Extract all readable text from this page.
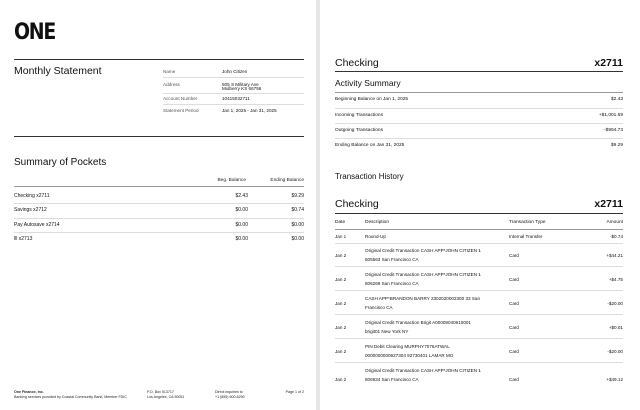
ONE
Monthly Statement	Name	John Citizen
Address	505 S Military Ave
Mulberry KS 66756
Account Number	10415032711
Statement Period	Jan 1, 2025 - Jan 31, 2025
Summary of Pockets
Beg. Balance	Ending Balance
Checking x2711	$2.43	$9.29
Savings x2712	$0.00	$0.74
Pay Autosave x2714	$0.00	$0.00
lll x2713	$0.00	$0.00
One Finance, Inc.
Banking services provided by Coastal Community Bank, Member FDIC
P.O. Box 513717
Los Angeles, CA 90051
Direct inquiries to
+1 (855) 600-6290
Page 1 of 2
Checking	x2711
Activity Summary
Beginning Balance on Jan 1, 2025	$2.43
Incoming Transactions	+$1,001.59
Outgoing Transactions	-$994.73
Ending Balance on Jan 31, 2025	$9.29
Transaction History
Checking	x2711
Date	Description	Transaction Type	Amount
Jan 1	Round-Up	Internal Transfer	-$0.74
Jan 2
Original Credit Transaction CASH APP*JOHN CITIZEN 1
605563 San Francisco CA
Card	+$44.21
Jan 2
Original Credit Transaction CASH APP*JOHN CITIZEN 1
806269 San Francisco CA
Card	+$4.75
Jan 2
CASH APP*BRANDON BARRY 2302020002300 33 San
Francisco CA
Card	-$20.00
Jan 2
Original Credit Transaction Brigit A00009040610001
brigit01 New York NY
Card	+$0.01
Jan 2
PIN Debit Clearing MURPHY7076ATWAL
0000000000927304 92730401 LAMAR MO
Card	-$20.00
Jan 2
Original Credit Transaction CASH APP*JOHN CITIZEN 1
806934 San Francisco CA	Card	+$49.12
